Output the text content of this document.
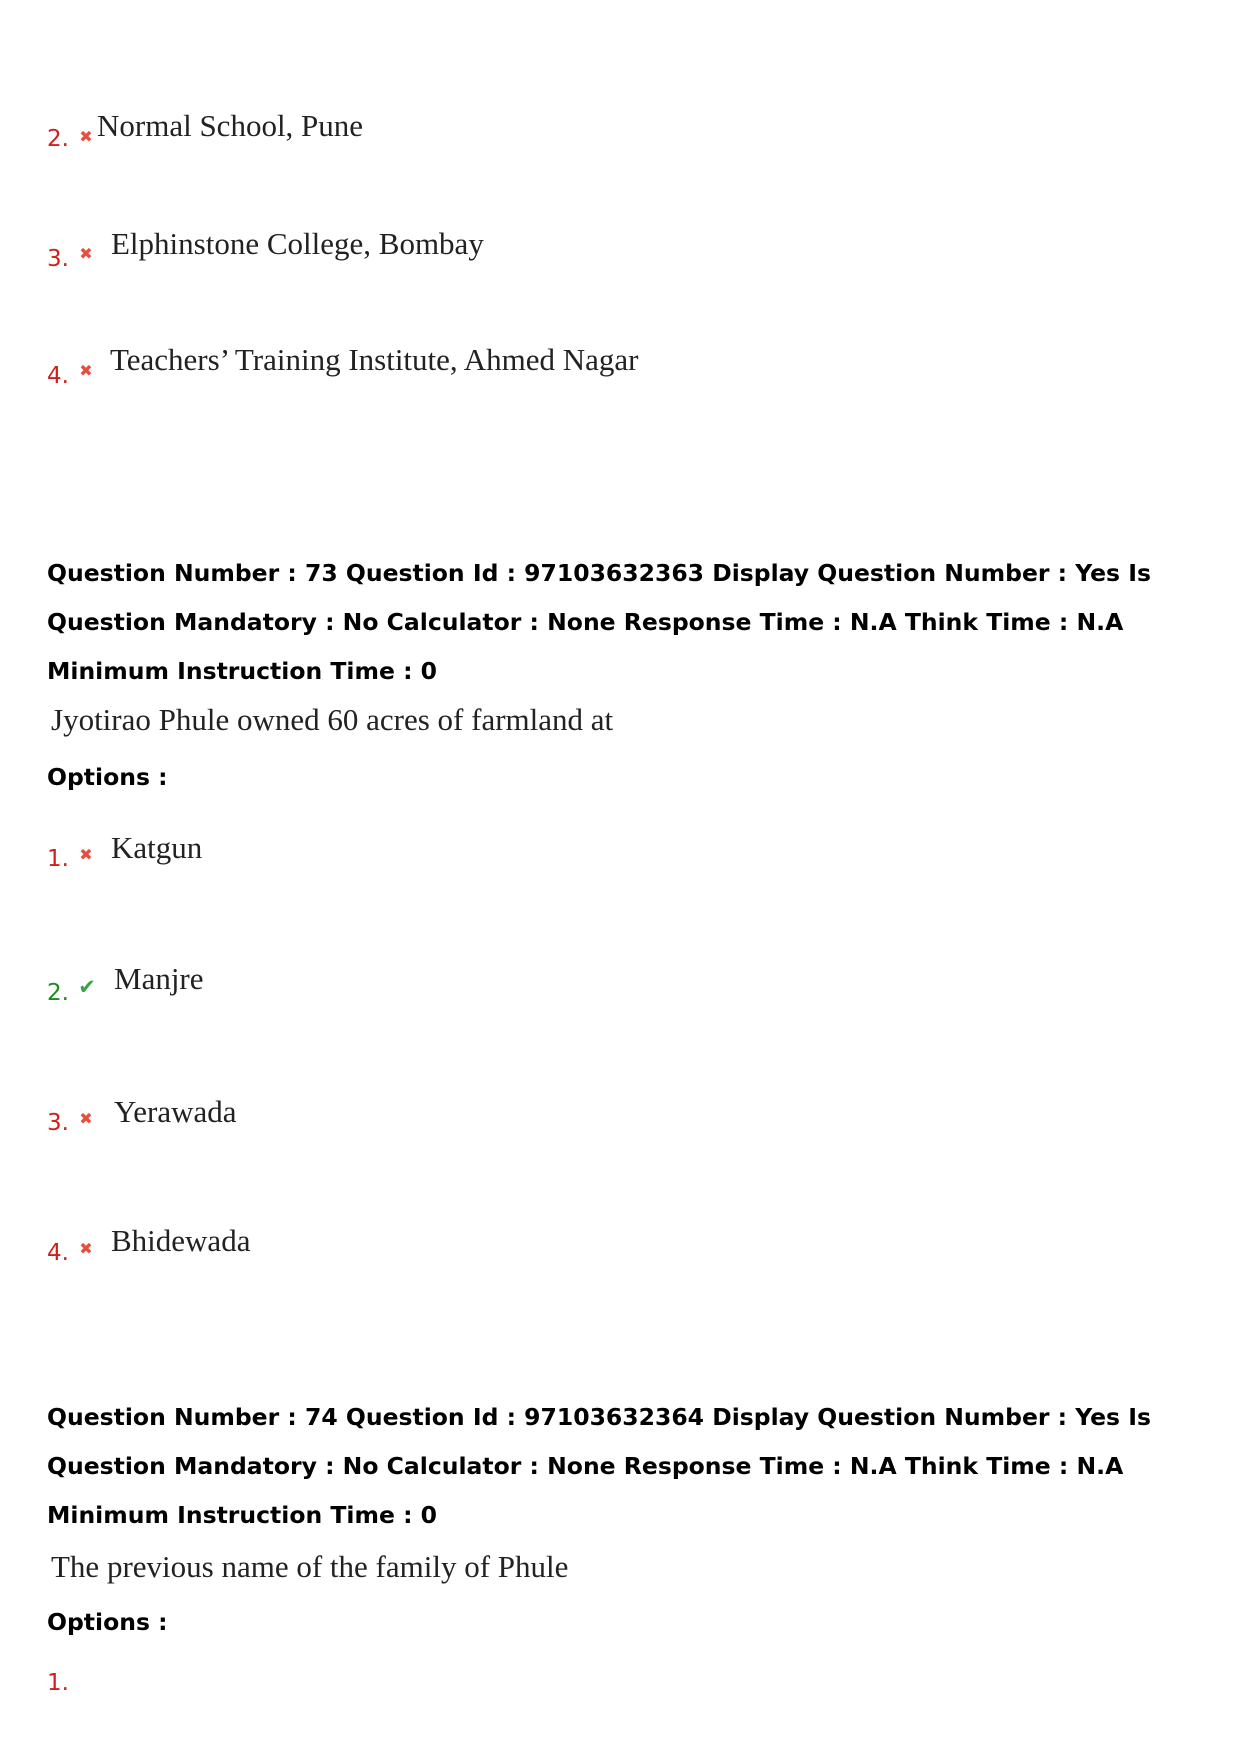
2. ✖ Normal School, Pune
3. ✖ Elphinstone College, Bombay
4. ✖ Teachers’ Training Institute, Ahmed Nagar
Question Number : 73 Question Id : 97103632363 Display Question Number : Yes Is Question Mandatory : No Calculator : None Response Time : N.A Think Time : N.A Minimum Instruction Time : 0
Jyotirao Phule owned 60 acres of farmland at
Options :
1. ✖ Katgun
2. ✔ Manjre
3. ✖ Yerawada
4. ✖ Bhidewada
Question Number : 74 Question Id : 97103632364 Display Question Number : Yes Is Question Mandatory : No Calculator : None Response Time : N.A Think Time : N.A Minimum Instruction Time : 0
The previous name of the family of Phule
Options :
1.
